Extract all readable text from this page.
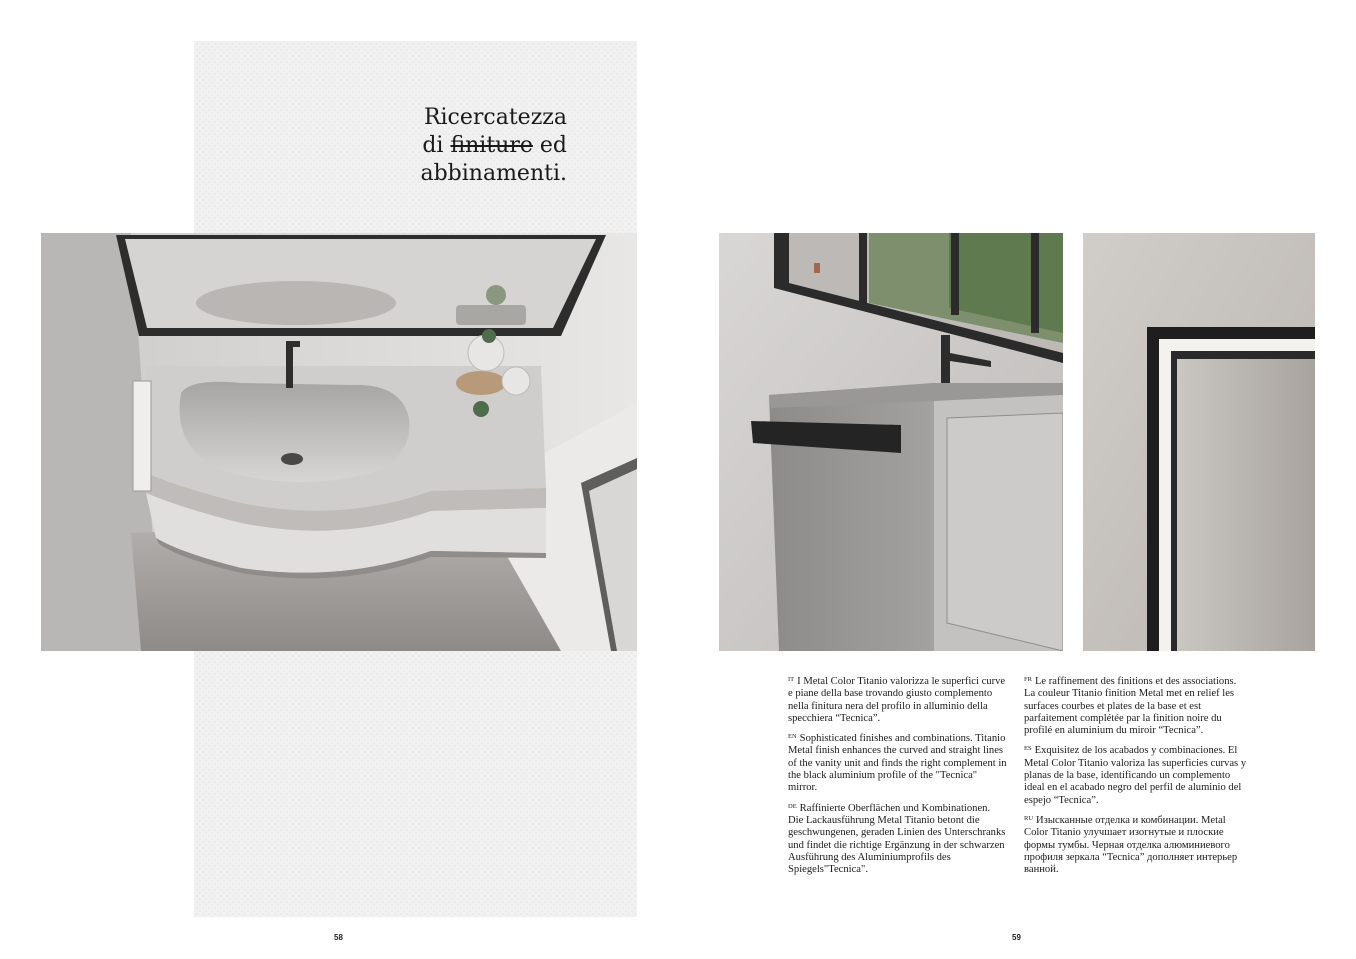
Ricercatezza
di finiture ed
abbinamenti.

$^{IT}$ I Metal Color Titanio valorizza le superfici curve e piane della base trovando giusto complemento nella finitura nera del profilo in alluminio della specchiera “Tecnica”.

$^{EN}$ Sophisticated finishes and combinations. Titanio Metal finish enhances the curved and straight lines of the vanity unit and finds the right complement in the black aluminium profile of the "Tecnica" mirror.

$^{DE}$ Raffinierte Oberflächen und Kombinationen. Die Lackausführung Metal Titanio betont die geschwungenen, geraden Linien des Unterschranks und findet die richtige Ergänzung in der schwarzen Ausführung des Aluminiumprofils des Spiegels"Tecnica".

$^{FR}$ Le raffinement des finitions et des associations. La couleur Titanio finition Metal met en relief les surfaces courbes et plates de la base et est parfaitement complétée par la finition noire du profilé en aluminium du miroir “Tecnica”.

$^{ES}$ Exquisitez de los acabados y combinaciones. El Metal Color Titanio valoriza las superficies curvas y planas de la base, identificando un complemento ideal en el acabado negro del perfil de aluminio del espejo “Tecnica”.

$^{RU}$ Изысканные отделка и комбинации. Metal Color Titanio улучшает изогнутые и плоские формы тумбы. Черная отделка алюминиевого профиля зеркала “Tecnica” дополняет интерьер ванной.

58	59
